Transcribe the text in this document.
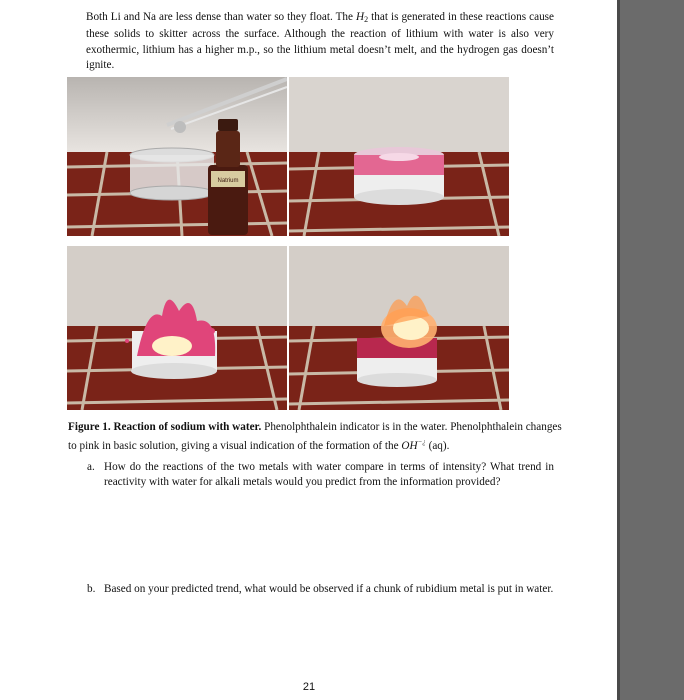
Both Li and Na are less dense than water so they float. The $H_2$ that is generated in these reactions cause these solids to skitter across the surface. Although the reaction of lithium with water is also very exothermic, lithium has a higher m.p., so the lithium metal doesn’t melt, and the hydrogen gas doesn’t ignite.

Natrium

Figure 1. Reaction of sodium with water. Phenolphthalein indicator is in the water. Phenolphthalein changes to pink in basic solution, giving a visual indication of the formation of the OH−¿ (aq).

a. How do the reactions of the two metals with water compare in terms of intensity? What trend in reactivity with water for alkali metals would you predict from the information provided?
b. Based on your predicted trend, what would be observed if a chunk of rubidium metal is put in water.
21
